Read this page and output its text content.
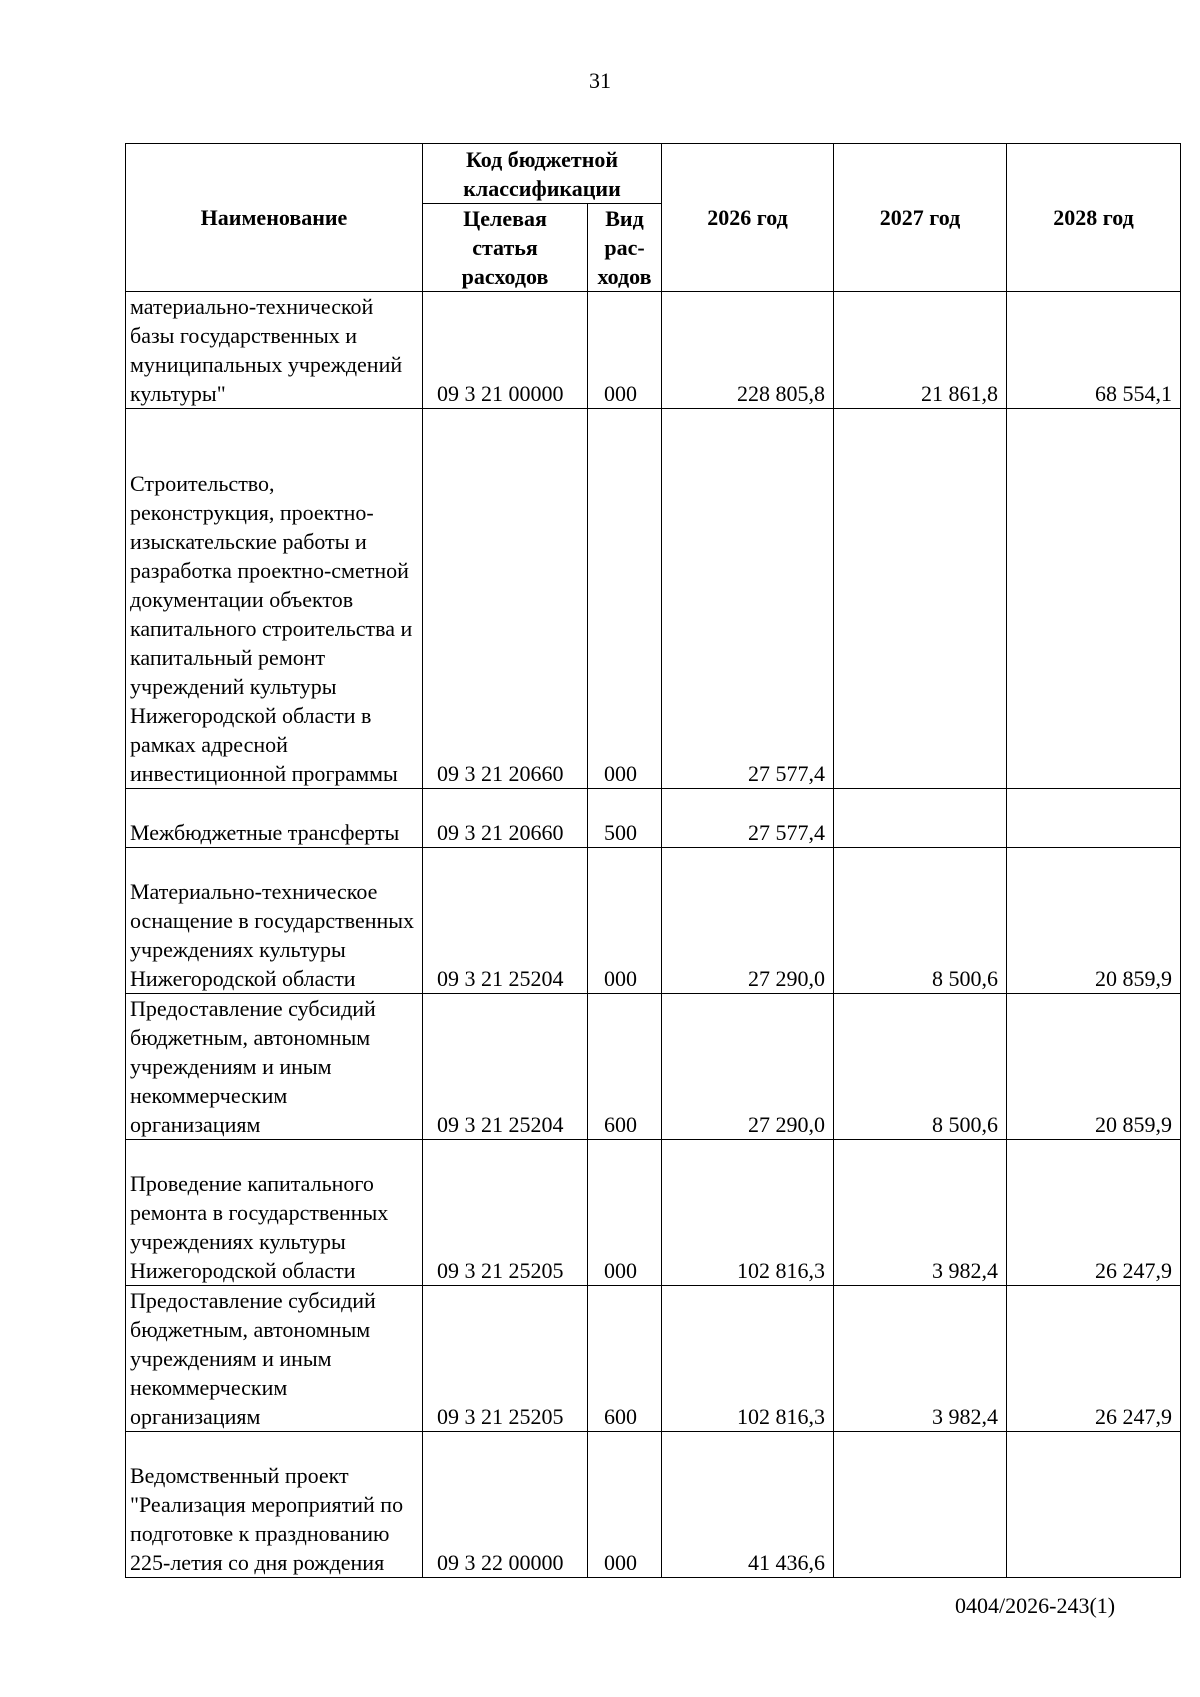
31
Наименование	Код бюджетной классификации		2026 год	2027 год	2028 год
	Целевая статья расходов	Вид рас-ходов			
материально-технической базы государственных и муниципальных учреждений культуры"	09 3 21 00000	000	228 805,8	21 861,8	68 554,1
Строительство, реконструкция, проектно-изыскательские работы и разработка проектно-сметной документации объектов капитального строительства и капитальный ремонт учреждений культуры Нижегородской области в рамках адресной инвестиционной программы	09 3 21 20660	000	27 577,4		
Межбюджетные трансферты	09 3 21 20660	500	27 577,4		
Материально-техническое оснащение в государственных учреждениях культуры Нижегородской области	09 3 21 25204	000	27 290,0	8 500,6	20 859,9
Предоставление субсидий бюджетным, автономным учреждениям и иным некоммерческим организациям	09 3 21 25204	600	27 290,0	8 500,6	20 859,9
Проведение капитального ремонта в государственных учреждениях культуры Нижегородской области	09 3 21 25205	000	102 816,3	3 982,4	26 247,9
Предоставление субсидий бюджетным, автономным учреждениям и иным некоммерческим организациям	09 3 21 25205	600	102 816,3	3 982,4	26 247,9
Ведомственный проект "Реализация мероприятий по подготовке к празднованию 225-летия со дня рождения	09 3 22 00000	000	41 436,6		
0404/2026-243(1)
